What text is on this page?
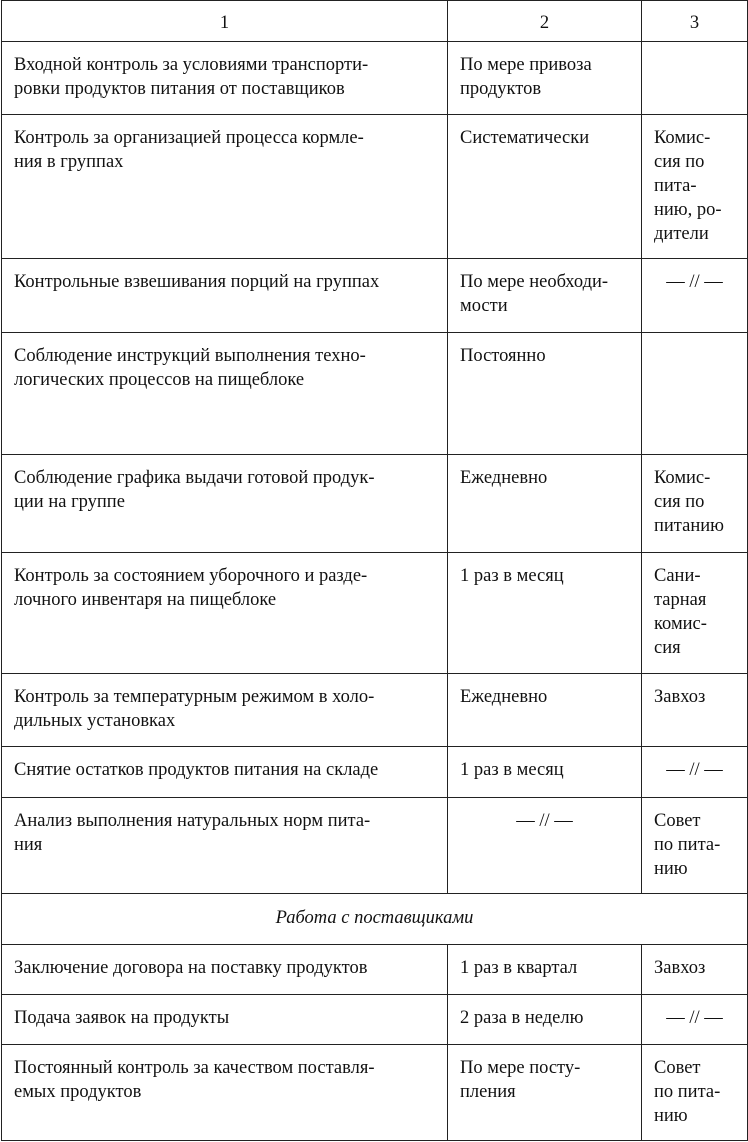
1	2	3
Входной контроль за условиями транспорти-
ровки продуктов питания от поставщиков	По мере привоза
продуктов	
Контроль за организацией процесса кормле-
ния в группах	Систематически	Комис-
сия по
пита-
нию, ро-
дители
Контрольные взвешивания порций на группах	По мере необходи-
мости	— // —
Соблюдение инструкций выполнения техно-
логических процессов на пищеблоке	Постоянно	
Соблюдение графика выдачи готовой продук-
ции на группе	Ежедневно	Комис-
сия по
питанию
Контроль за состоянием уборочного и разде-
лочного инвентаря на пищеблоке	1 раз в месяц	Сани-
тарная
комис-
сия
Контроль за температурным режимом в холо-
дильных установках	Ежедневно	Завхоз
Снятие остатков продуктов питания на складе	1 раз в месяц	— // —
Анализ выполнения натуральных норм пита-
ния	— // —	Совет
по пита-
нию
Работа с поставщиками		
Заключение договора на поставку продуктов	1 раз в квартал	Завхоз
Подача заявок на продукты	2 раза в неделю	— // —
Постоянный контроль за качеством поставля-
емых продуктов	По мере посту-
пления	Совет
по пита-
нию
